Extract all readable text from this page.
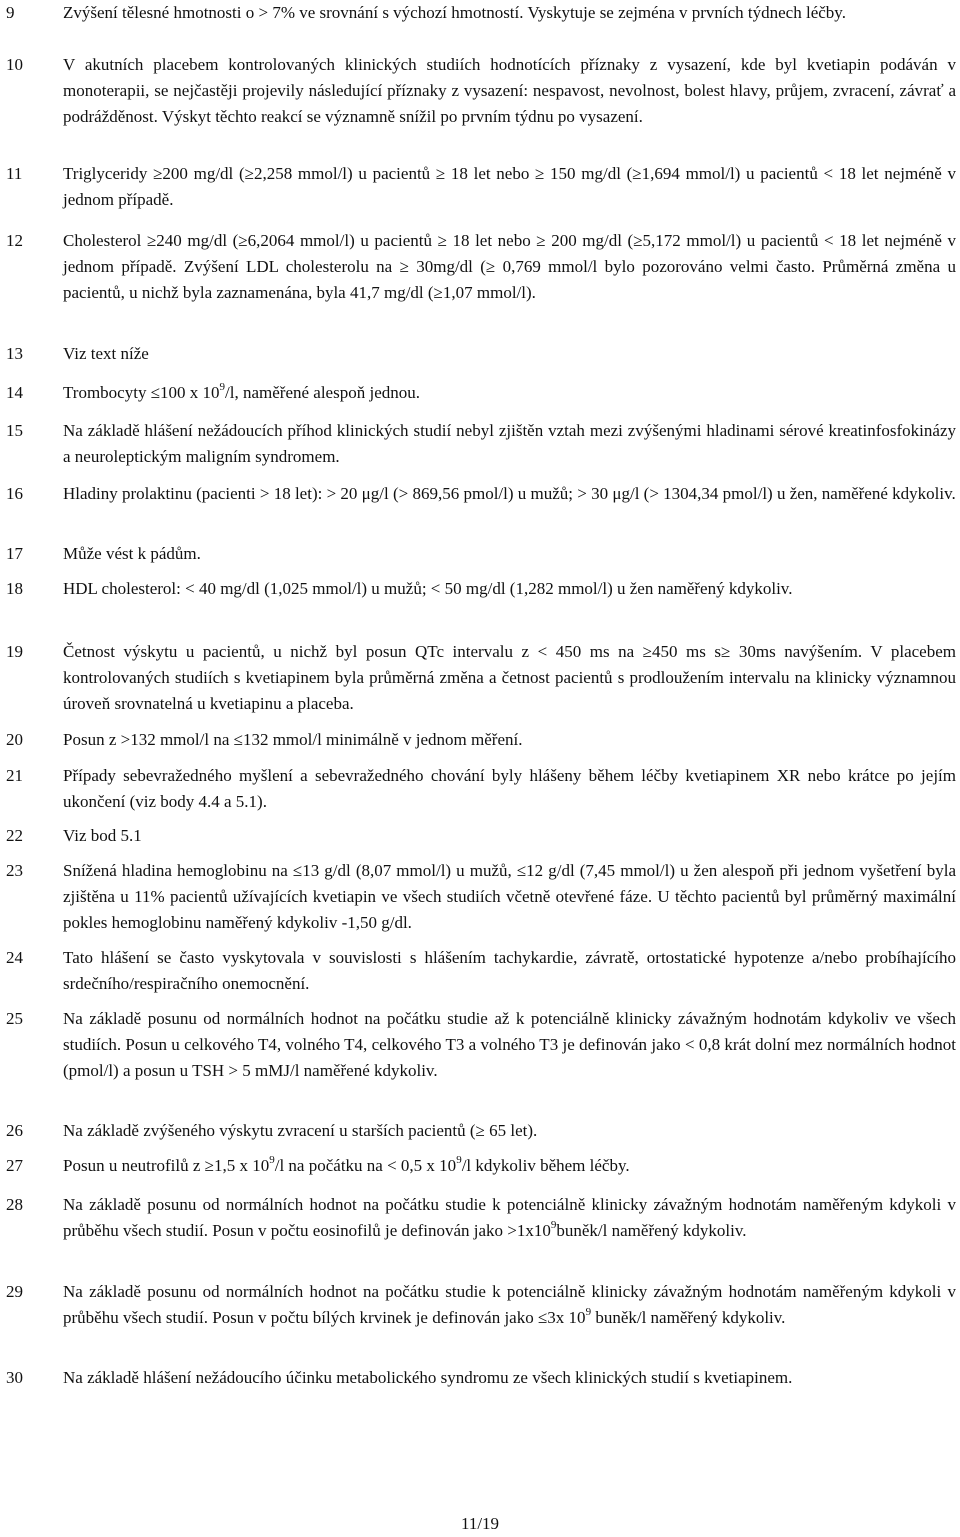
9	Zvýšení tělesné hmotnosti o > 7% ve srovnání s výchozí hmotností. Vyskytuje se zejména v prvních týdnech léčby.
10	V akutních placebem kontrolovaných klinických studiích hodnotících příznaky z vysazení, kde byl kvetiapin podáván v monoterapii, se nejčastěji projevily následující příznaky z vysazení: nespavost, nevolnost, bolest hlavy, průjem, zvracení, závrať a podrážděnost. Výskyt těchto reakcí se významně snížil po prvním týdnu po vysazení.
11	Triglyceridy ≥200 mg/dl (≥2,258 mmol/l) u pacientů ≥ 18 let nebo ≥ 150 mg/dl (≥1,694 mmol/l) u pacientů < 18 let nejméně v jednom případě.
12	Cholesterol ≥240 mg/dl (≥6,2064 mmol/l) u pacientů ≥ 18 let nebo ≥ 200 mg/dl (≥5,172 mmol/l) u pacientů < 18 let nejméně v jednom případě. Zvýšení LDL cholesterolu na ≥ 30mg/dl (≥ 0,769 mmol/l bylo pozorováno velmi často. Průměrná změna u pacientů, u nichž byla zaznamenána, byla 41,7 mg/dl (≥1,07 mmol/l).
13	Viz text níže
14	Trombocyty ≤100 x $10^9/l$, naměřené alespoň jednou.
15	Na základě hlášení nežádoucích příhod klinických studií nebyl zjištěn vztah mezi zvýšenými hladinami sérové kreatinfosfokinázy a neuroleptickým maligním syndromem.
16	Hladiny prolaktinu (pacienti > 18 let): > 20 μg/l (> 869,56 pmol/l) u mužů; > 30 μg/l (> 1304,34 pmol/l) u žen, naměřené kdykoliv.
17	Může vést k pádům.
18	HDL cholesterol: < 40 mg/dl (1,025 mmol/l) u mužů; < 50 mg/dl (1,282 mmol/l) u žen naměřený kdykoliv.
19	Četnost výskytu u pacientů, u nichž byl posun QTc intervalu z < 450 ms na ≥450 ms s≥ 30ms navýšením. V placebem kontrolovaných studiích s kvetiapinem byla průměrná změna a četnost pacientů s prodloužením intervalu na klinicky významnou úroveň srovnatelná u kvetiapinu a placeba.
20	Posun z >132 mmol/l na ≤132 mmol/l minimálně v jednom měření.
21	Případy sebevražedného myšlení a sebevražedného chování byly hlášeny během léčby kvetiapinem XR nebo krátce po jejím ukončení (viz body 4.4 a 5.1).
22	Viz bod 5.1
23	Snížená hladina hemoglobinu na ≤13 g/dl (8,07 mmol/l) u mužů, ≤12 g/dl (7,45 mmol/l) u žen alespoň při jednom vyšetření byla zjištěna u 11% pacientů užívajících kvetiapin ve všech studiích včetně otevřené fáze. U těchto pacientů byl průměrný maximální pokles hemoglobinu naměřený kdykoliv -1,50 g/dl.
24	Tato hlášení se často vyskytovala v souvislosti s hlášením tachykardie, závratě, ortostatické hypotenze a/nebo probíhajícího srdečního/respiračního onemocnění.
25	Na základě posunu od normálních hodnot na počátku studie až k potenciálně klinicky závažným hodnotám kdykoliv ve všech studiích. Posun u celkového T4, volného T4, celkového T3 a volného T3 je definován jako < 0,8 krát dolní mez normálních hodnot (pmol/l) a posun u TSH > 5 mMJ/l naměřené kdykoliv.
26	Na základě zvýšeného výskytu zvracení u starších pacientů (≥ 65 let).
27	Posun u neutrofilů z ≥1,5 x $10^9/l$ na počátku na < 0,5 x $10^9/l$ kdykoliv během léčby.
28	Na základě posunu od normálních hodnot na počátku studie k potenciálně klinicky závažným hodnotám naměřeným kdykoli v průběhu všech studií. Posun v počtu eosinofilů je definován jako $>1x10^9buněk/l$ naměřený kdykoliv.
29	Na základě posunu od normálních hodnot na počátku studie k potenciálně klinicky závažným hodnotám naměřeným kdykoli v průběhu všech studií. Posun v počtu bílých krvinek je definován jako ≤3x $10^9$ buněk/l naměřený kdykoliv.
30	Na základě hlášení nežádoucího účinku metabolického syndromu ze všech klinických studií s kvetiapinem.
11/19
